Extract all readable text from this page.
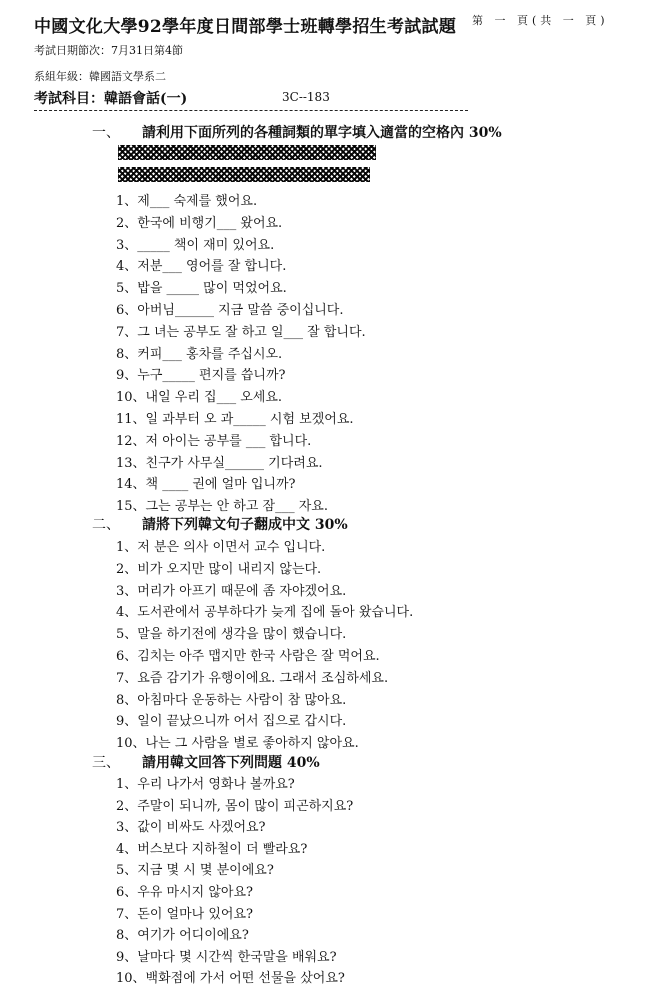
中國文化大學92學年度日間部學士班轉學招生考試試題 第 一 頁(共 一 頁)
考試日期節次：7月31日第4節
系組年級：韓國語文學系二
考試科目：韓語會話(一)	3C--183
一、 請利用下面所列的各種詞類的單字填入適當的空格內 30%
1、제___ 숙제를 했어요.
2、한국에 비행기___ 왔어요.
3、_____ 책이 재미 있어요.
4、저분___ 영어를 잘 합니다.
5、밥을 _____ 많이 먹었어요.
6、아버님______ 지금 말씀 중이십니다.
7、그 녀는 공부도 잘 하고 일___ 잘 합니다.
8、커피___ 홍차를 주십시오.
9、누구_____ 편지를 씁니까?
10、내일 우리 집___ 오세요.
11、일 과부터 오 과_____ 시험 보겠어요.
12、저 아이는 공부를 ___ 합니다.
13、친구가 사무실______ 기다려요.
14、책 ____ 권에 얼마 입니까?
15、그는 공부는 안 하고 잠___ 자요.
二、 請將下列韓文句子翻成中文 30%
1、저 분은 의사 이면서 교수 입니다.
2、비가 오지만 많이 내리지 않는다.
3、머리가 아프기 때문에 좀 자야겠어요.
4、도서관에서 공부하다가 늦게 집에 돌아 왔습니다.
5、말을 하기전에 생각을 많이 했습니다.
6、김치는 아주 맵지만 한국 사람은 잘 먹어요.
7、요즘 감기가 유행이에요. 그래서 조심하세요.
8、아침마다 운동하는 사람이 참 많아요.
9、일이 끝났으니까 어서 집으로 갑시다.
10、나는 그 사람을 별로 좋아하지 않아요.
三、 請用韓文回答下列問題 40%
1、우리 나가서 영화나 볼까요?
2、주말이 되니까, 몸이 많이 피곤하지요?
3、값이 비싸도 사겠어요?
4、버스보다 지하철이 더 빨라요?
5、지금 몇 시 몇 분이에요?
6、우유 마시지 않아요?
7、돈이 얼마나 있어요?
8、여기가 어디이에요?
9、날마다 몇 시간씩 한국말을 배워요?
10、백화점에 가서 어떤 선물을 샀어요?
